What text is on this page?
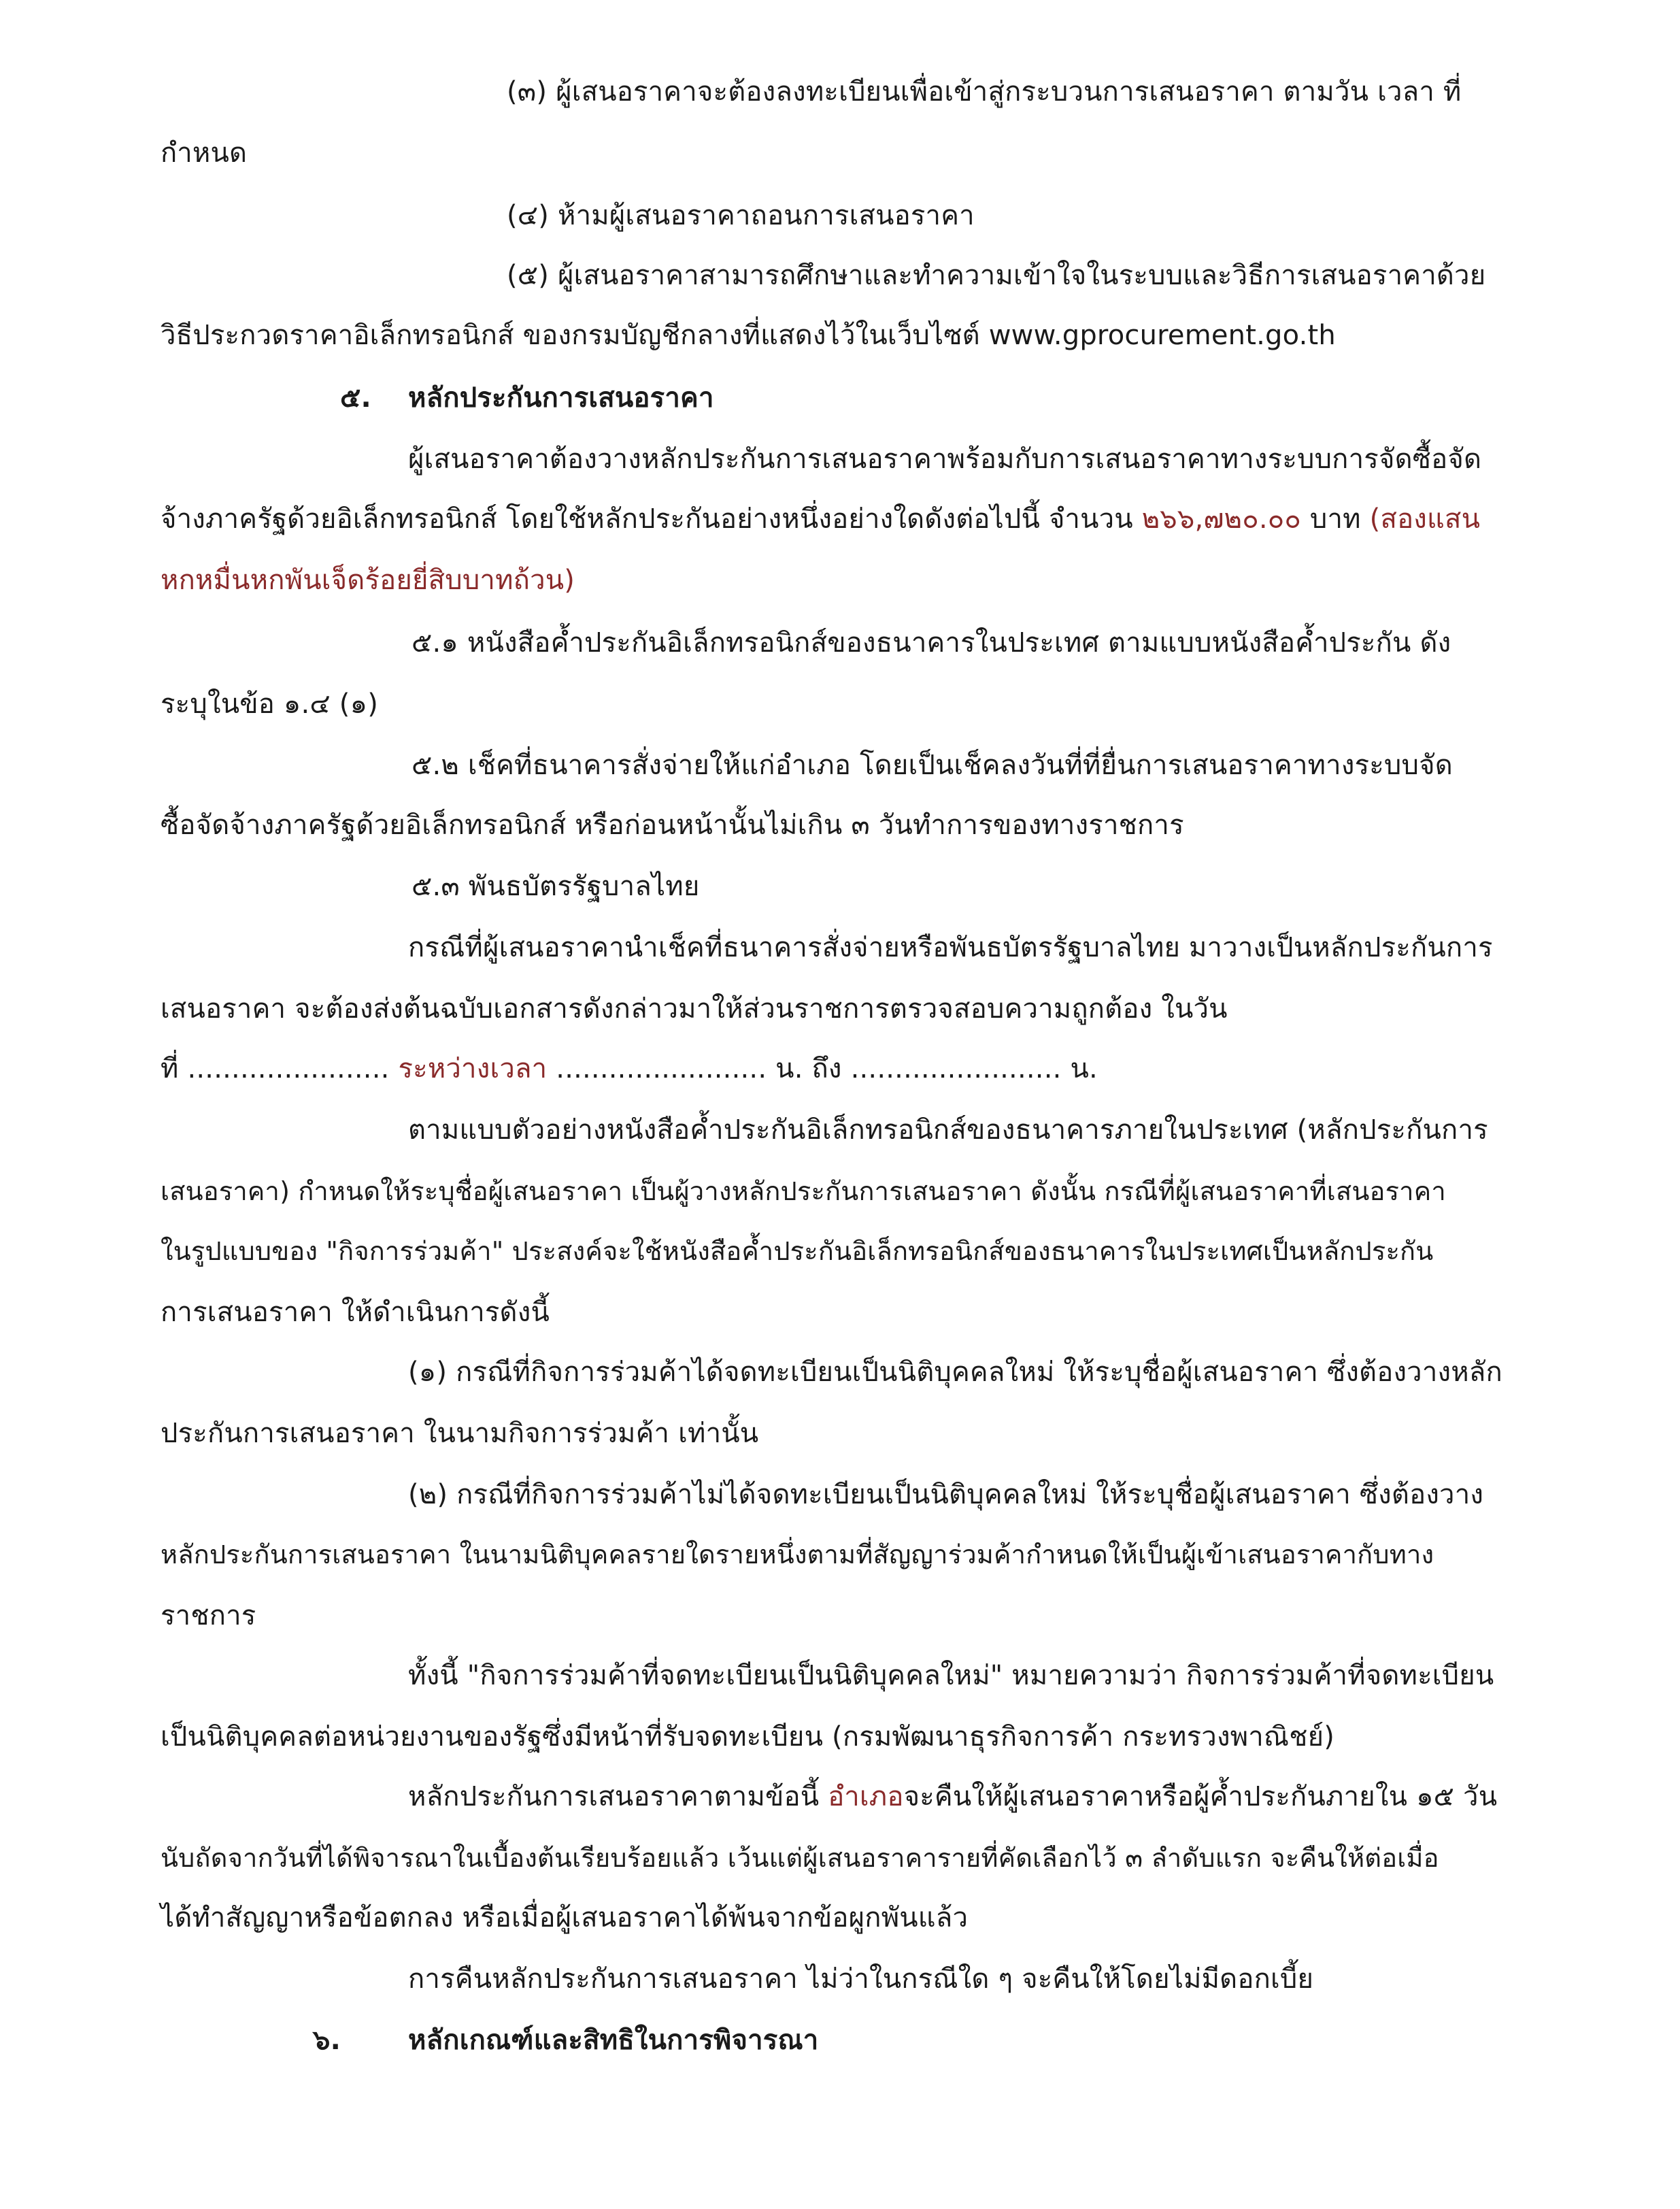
(๓) ผู้เสนอราคาจะต้องลงทะเบียนเพื่อเข้าสู่กระบวนการเสนอราคา ตามวัน เวลา ที่
กำหนด
(๔) ห้ามผู้เสนอราคาถอนการเสนอราคา
(๕) ผู้เสนอราคาสามารถศึกษาและทำความเข้าใจในระบบและวิธีการเสนอราคาด้วย
วิธีประกวดราคาอิเล็กทรอนิกส์ ของกรมบัญชีกลางที่แสดงไว้ในเว็บไซต์ www.gprocurement.go.th
๕. หลักประกันการเสนอราคา
ผู้เสนอราคาต้องวางหลักประกันการเสนอราคาพร้อมกับการเสนอราคาทางระบบการจัดซื้อจัด
จ้างภาครัฐด้วยอิเล็กทรอนิกส์ โดยใช้หลักประกันอย่างหนึ่งอย่างใดดังต่อไปนี้ จำนวน ๒๖๖,๗๒๐.๐๐ บาท (สองแสน
หกหมื่นหกพันเจ็ดร้อยยี่สิบบาทถ้วน)
๕.๑ หนังสือค้ำประกันอิเล็กทรอนิกส์ของธนาคารในประเทศ ตามแบบหนังสือค้ำประกัน ดัง
ระบุในข้อ ๑.๔ (๑)
๕.๒ เช็คที่ธนาคารสั่งจ่ายให้แก่อำเภอ โดยเป็นเช็คลงวันที่ที่ยื่นการเสนอราคาทางระบบจัด
ซื้อจัดจ้างภาครัฐด้วยอิเล็กทรอนิกส์ หรือก่อนหน้านั้นไม่เกิน ๓ วันทำการของทางราชการ
๕.๓ พันธบัตรรัฐบาลไทย
กรณีที่ผู้เสนอราคานำเช็คที่ธนาคารสั่งจ่ายหรือพันธบัตรรัฐบาลไทย มาวางเป็นหลักประกันการ
เสนอราคา จะต้องส่งต้นฉบับเอกสารดังกล่าวมาให้ส่วนราชการตรวจสอบความถูกต้อง ในวัน
ที่ ....................... ระหว่างเวลา ........................ น. ถึง ........................ น.
ตามแบบตัวอย่างหนังสือค้ำประกันอิเล็กทรอนิกส์ของธนาคารภายในประเทศ (หลักประกันการ
เสนอราคา) กำหนดให้ระบุชื่อผู้เสนอราคา เป็นผู้วางหลักประกันการเสนอราคา ดังนั้น กรณีที่ผู้เสนอราคาที่เสนอราคา
ในรูปแบบของ "กิจการร่วมค้า" ประสงค์จะใช้หนังสือค้ำประกันอิเล็กทรอนิกส์ของธนาคารในประเทศเป็นหลักประกัน
การเสนอราคา ให้ดำเนินการดังนี้
(๑) กรณีที่กิจการร่วมค้าได้จดทะเบียนเป็นนิติบุคคลใหม่ ให้ระบุชื่อผู้เสนอราคา ซึ่งต้องวางหลัก
ประกันการเสนอราคา ในนามกิจการร่วมค้า เท่านั้น
(๒) กรณีที่กิจการร่วมค้าไม่ได้จดทะเบียนเป็นนิติบุคคลใหม่ ให้ระบุชื่อผู้เสนอราคา ซึ่งต้องวาง
หลักประกันการเสนอราคา ในนามนิติบุคคลรายใดรายหนึ่งตามที่สัญญาร่วมค้ากำหนดให้เป็นผู้เข้าเสนอราคากับทาง
ราชการ
ทั้งนี้ "กิจการร่วมค้าที่จดทะเบียนเป็นนิติบุคคลใหม่" หมายความว่า กิจการร่วมค้าที่จดทะเบียน
เป็นนิติบุคคลต่อหน่วยงานของรัฐซึ่งมีหน้าที่รับจดทะเบียน (กรมพัฒนาธุรกิจการค้า กระทรวงพาณิชย์)
หลักประกันการเสนอราคาตามข้อนี้ อำเภอจะคืนให้ผู้เสนอราคาหรือผู้ค้ำประกันภายใน ๑๕ วัน
นับถัดจากวันที่ได้พิจารณาในเบื้องต้นเรียบร้อยแล้ว เว้นแต่ผู้เสนอราคารายที่คัดเลือกไว้ ๓ ลำดับแรก จะคืนให้ต่อเมื่อ
ได้ทำสัญญาหรือข้อตกลง หรือเมื่อผู้เสนอราคาได้พ้นจากข้อผูกพันแล้ว
การคืนหลักประกันการเสนอราคา ไม่ว่าในกรณีใด ๆ จะคืนให้โดยไม่มีดอกเบี้ย
๖. หลักเกณฑ์และสิทธิในการพิจารณา
